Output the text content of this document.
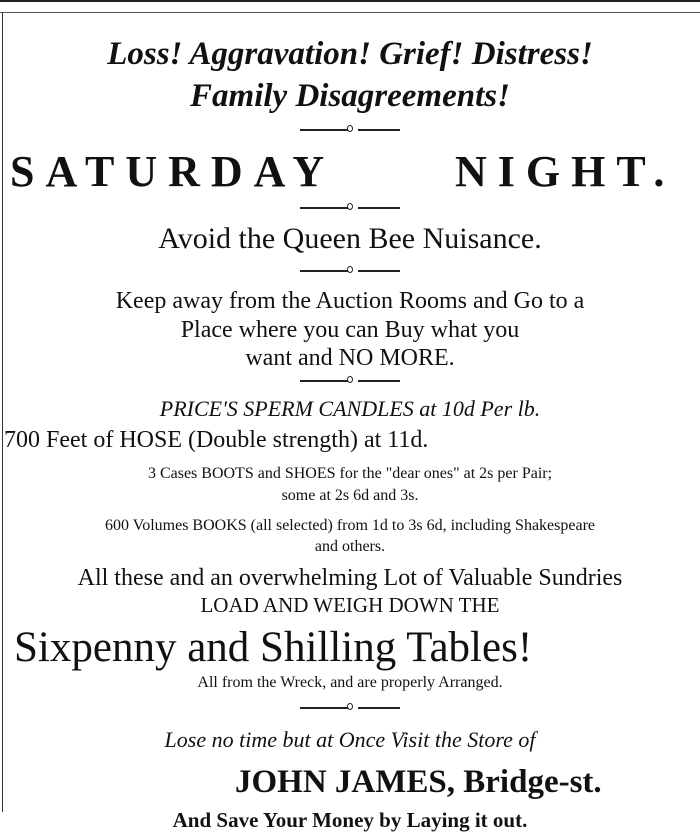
Loss! Aggravation! Grief! Distress!
Family Disagreements!
SATURDAY	NIGHT.
Avoid the Queen Bee Nuisance.
Keep away from the Auction Rooms and Go to a
Place where you can Buy what you
want and NO MORE.
PRICE'S SPERM CANDLES at 10d Per lb.
700 Feet of HOSE (Double strength) at 11d.
3 Cases BOOTS and SHOES for the "dear ones" at 2s per Pair;
some at 2s 6d and 3s.
600 Volumes BOOKS (all selected) from 1d to 3s 6d, including Shakespeare
and others.
All these and an overwhelming Lot of Valuable Sundries
LOAD AND WEIGH DOWN THE
Sixpenny and Shilling Tables!
All from the Wreck, and are properly Arranged.
Lose no time but at Once Visit the Store of
JOHN JAMES, Bridge-st.
And Save Your Money by Laying it out.
